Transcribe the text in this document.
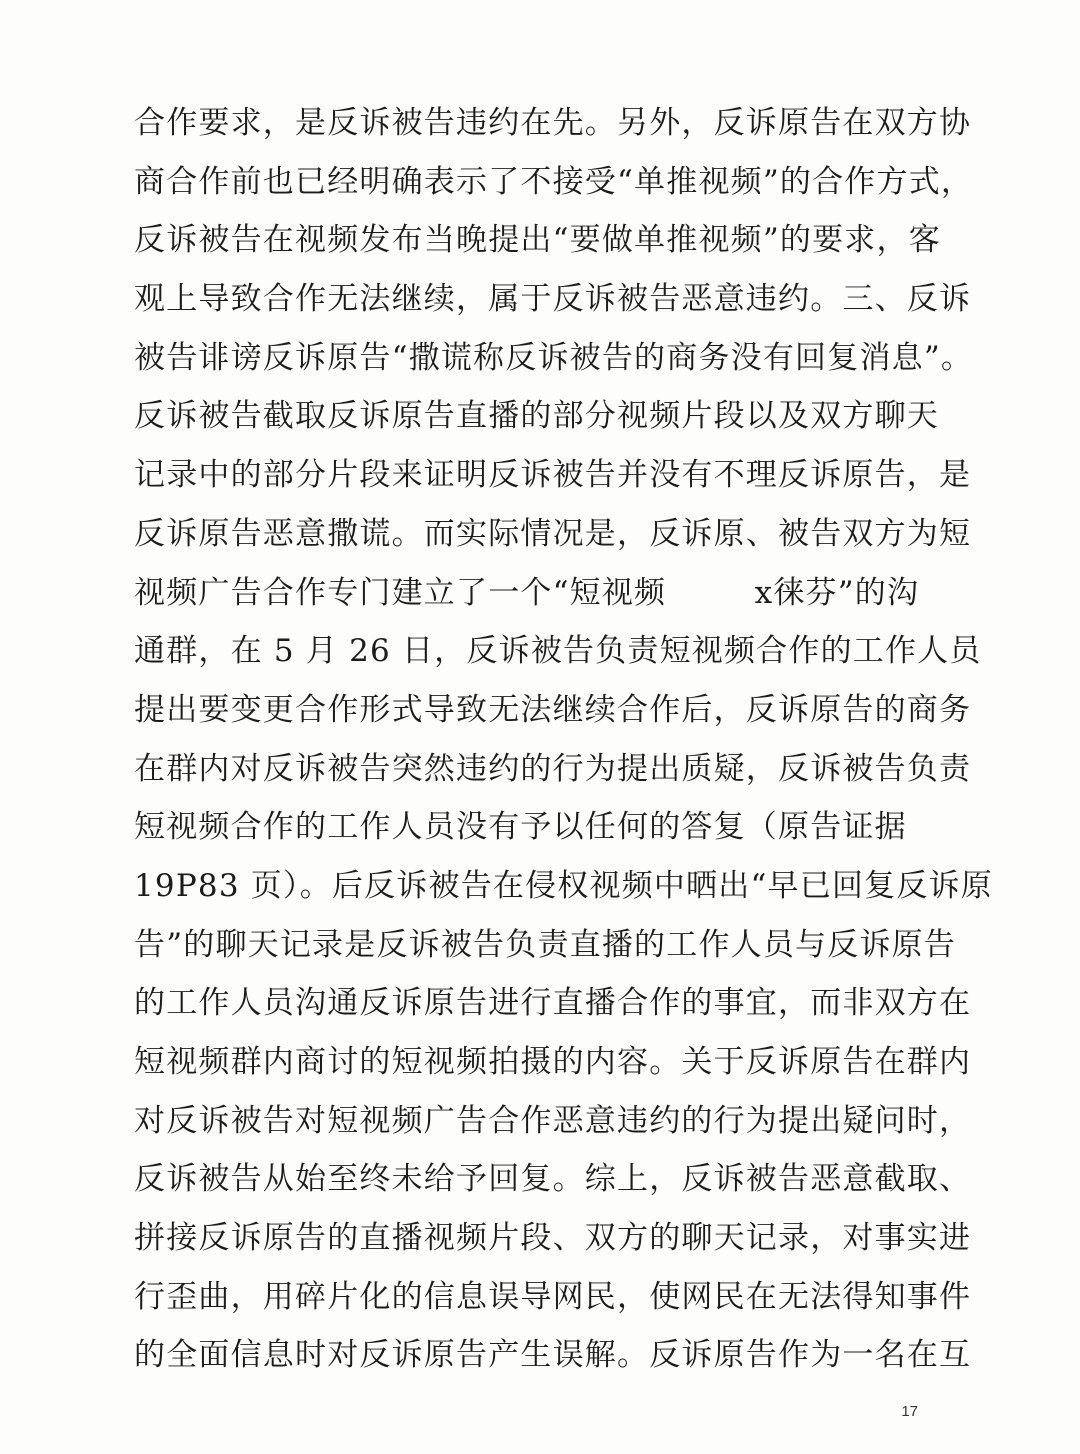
合作要求，是反诉被告违约在先。另外，反诉原告在双方协
商合作前也已经明确表示了不接受“单推视频”的合作方式，
反诉被告在视频发布当晚提出“要做单推视频”的要求，客
观上导致合作无法继续，属于反诉被告恶意违约。三、反诉
被告诽谤反诉原告“撒谎称反诉被告的商务没有回复消息”。
反诉被告截取反诉原告直播的部分视频片段以及双方聊天
记录中的部分片段来证明反诉被告并没有不理反诉原告，是
反诉原告恶意撒谎。而实际情况是，反诉原、被告双方为短
视频广告合作专门建立了一个“短视频        x徕芬”的沟
通群，在 5 月 26 日，反诉被告负责短视频合作的工作人员
提出要变更合作形式导致无法继续合作后，反诉原告的商务
在群内对反诉被告突然违约的行为提出质疑，反诉被告负责
短视频合作的工作人员没有予以任何的答复（原告证据
19P83 页）。后反诉被告在侵权视频中晒出“早已回复反诉原
告”的聊天记录是反诉被告负责直播的工作人员与反诉原告
的工作人员沟通反诉原告进行直播合作的事宜，而非双方在
短视频群内商讨的短视频拍摄的内容。关于反诉原告在群内
对反诉被告对短视频广告合作恶意违约的行为提出疑问时，
反诉被告从始至终未给予回复。综上，反诉被告恶意截取、
拼接反诉原告的直播视频片段、双方的聊天记录，对事实进
行歪曲，用碎片化的信息误导网民，使网民在无法得知事件
的全面信息时对反诉原告产生误解。反诉原告作为一名在互
17
